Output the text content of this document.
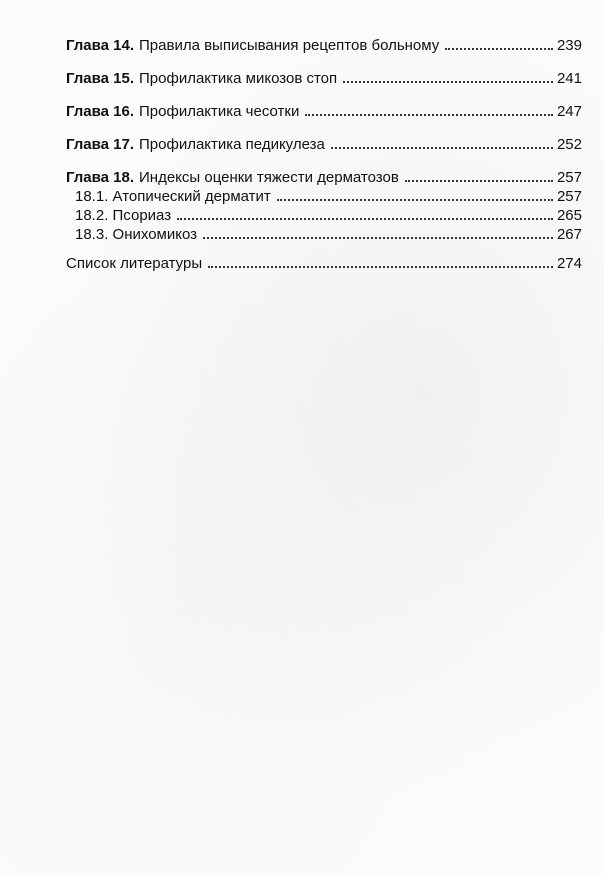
Глава 14. Правила выписывания рецептов больному	239
Глава 15. Профилактика микозов стоп	241
Глава 16. Профилактика чесотки	247
Глава 17. Профилактика педикулеза	252
Глава 18. Индексы оценки тяжести дерматозов	257
18.1. Атопический дерматит	257
18.2. Псориаз	265
18.3. Онихомикоз	267
Список литературы	274
